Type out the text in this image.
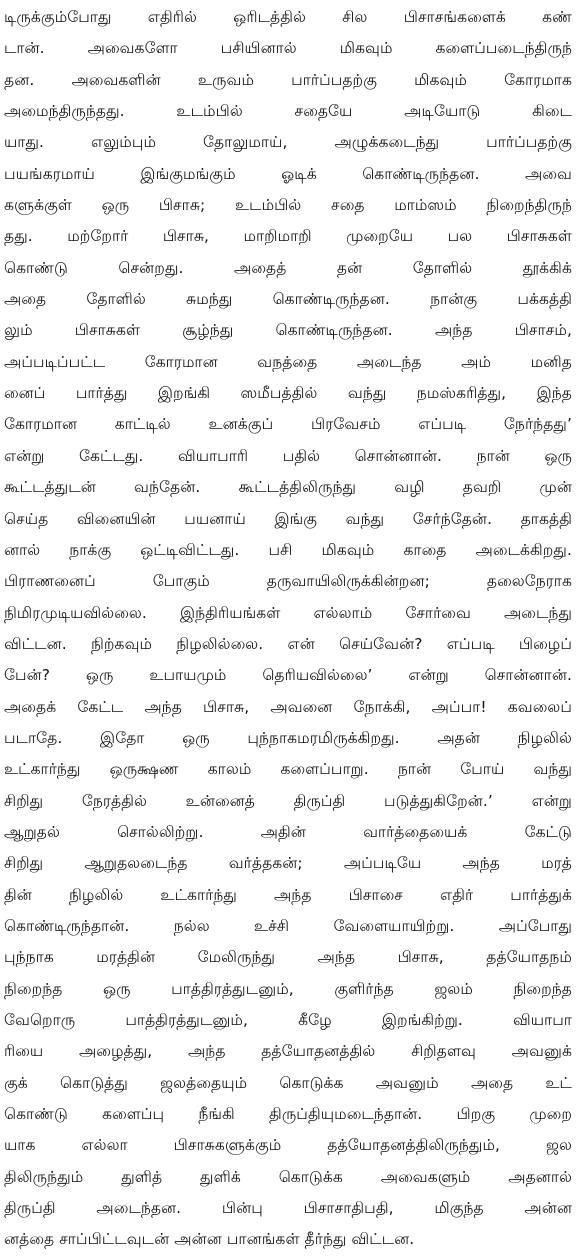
டிருக்கும்போது எதிரில் ஒரிடத்தில் சில பிசாசங்களைக் கண்
டான். அவைகளோ பசியினால் மிகவும் களைப்படைந்திருந்
தன. அவைகளின் உருவம் பார்ப்பதற்கு மிகவும் கோரமாக
அமைந்திருந்தது. உடம்பில் சதையே அடியோடு கிடை
யாது. எலும்பும் தோலுமாய், அழுக்கடைந்து பார்ப்பதற்கு
பயங்கரமாய் இங்குமங்கும் ஓடிக் கொண்டிருந்தன. அவை
களுக்குள் ஒரு பிசாசு; உடம்பில் சதை மாம்ஸம் நிறைந்திருந்
தது. மற்றோர் பிசாசு, மாறிமாறி முறையே பல பிசாசுகள்
கொண்டு சென்றது. அதைத் தன் தோளில் தூக்கிக்
அதை தோளில் சுமந்து கொண்டிருந்தன. நான்கு பக்கத்தி
லும் பிசாசுகள் சூழ்ந்து கொண்டிருந்தன. அந்த பிசாசம்,
அப்படிப்பட்ட கோரமான வநத்தை அடைந்த அம் மனித
னைப் பார்த்து இறங்கி ஸமீபத்தில் வந்து நமஸ்கரித்து, இந்த
கோரமான காட்டில் உனக்குப் பிரவேசம் எப்படி நேர்ந்தது’
என்று கேட்டது. வியாபாரி பதில் சொன்னான். நான் ஒரு
கூட்டத்துடன் வந்தேன். கூட்டத்திலிருந்து வழி தவறி முன்
செய்த வினையின் பயனாய் இங்கு வந்து சேர்ந்தேன். தாகத்தி
னால் நாக்கு ஒட்டிவிட்டது. பசி மிகவும் காதை அடைக்கிறது.
பிராணனைப் போகும் தருவாயிலிருக்கின்றன; தலைநேராக
நிமிரமுடியவில்லை. இந்திரியங்கள் எல்லாம் சோர்வை அடைந்து
விட்டன. நிற்கவும் நிழலில்லை. என் செய்வேன்? எப்படி பிழைப்
பேன்? ஒரு உபாயமும் தெரியவில்லை’ என்று சொன்னான்.
அதைக் கேட்ட அந்த பிசாசு, அவனை நோக்கி, அப்பா! கவலைப்
படாதே. இதோ ஒரு புந்நாகமரமிருக்கிறது. அதன் நிழலில்
உட்கார்ந்து ஒருக்ஷண காலம் களைப்பாறு. நான் போய் வந்து
சிறிது நேரத்தில் உன்னைத் திருப்தி படுத்துகிறேன்.’ என்று
ஆறுதல் சொல்லிற்று. அதின் வார்த்தையைக் கேட்டு
சிறிது ஆறுதலடைந்த வர்த்தகன்; அப்படியே அந்த மரத்
தின் நிழலில் உட்கார்ந்து அந்த பிசாசை எதிர் பார்த்துக்
கொண்டிருந்தான். நல்ல உச்சி வேளையாயிற்று. அப்போது
புந்நாக மரத்தின் மேலிருந்து அந்த பிசாசு, தத்யோதநம்
நிறைந்த ஒரு பாத்திரத்துடனும், குளிர்ந்த ஜலம் நிறைந்த
வேறொரு பாத்திரத்துடனும், கீழே இறங்கிற்று. வியாபா
ரியை அழைத்து, அந்த தத்யோதனத்தில் சிறிதளவு அவனுக்
குக் கொடுத்து ஜலத்தையும் கொடுக்க அவனும் அதை உட்
கொண்டு களைப்பு நீங்கி திருப்தியுமடைந்தான். பிறகு முறை
யாக எல்லா பிசாசுகளுக்கும் தத்யோதனத்திலிருந்தும், ஜல
திலிருந்தும் துளித் துளிக் கொடுக்க அவைகளும் அதனால்
திருப்தி அடைந்தன. பின்பு பிசாசாதிபதி, மிகுந்த அன்ன
னத்தை சாப்பிட்டவுடன் அன்ன பானங்கள் தீர்ந்து விட்டன.
